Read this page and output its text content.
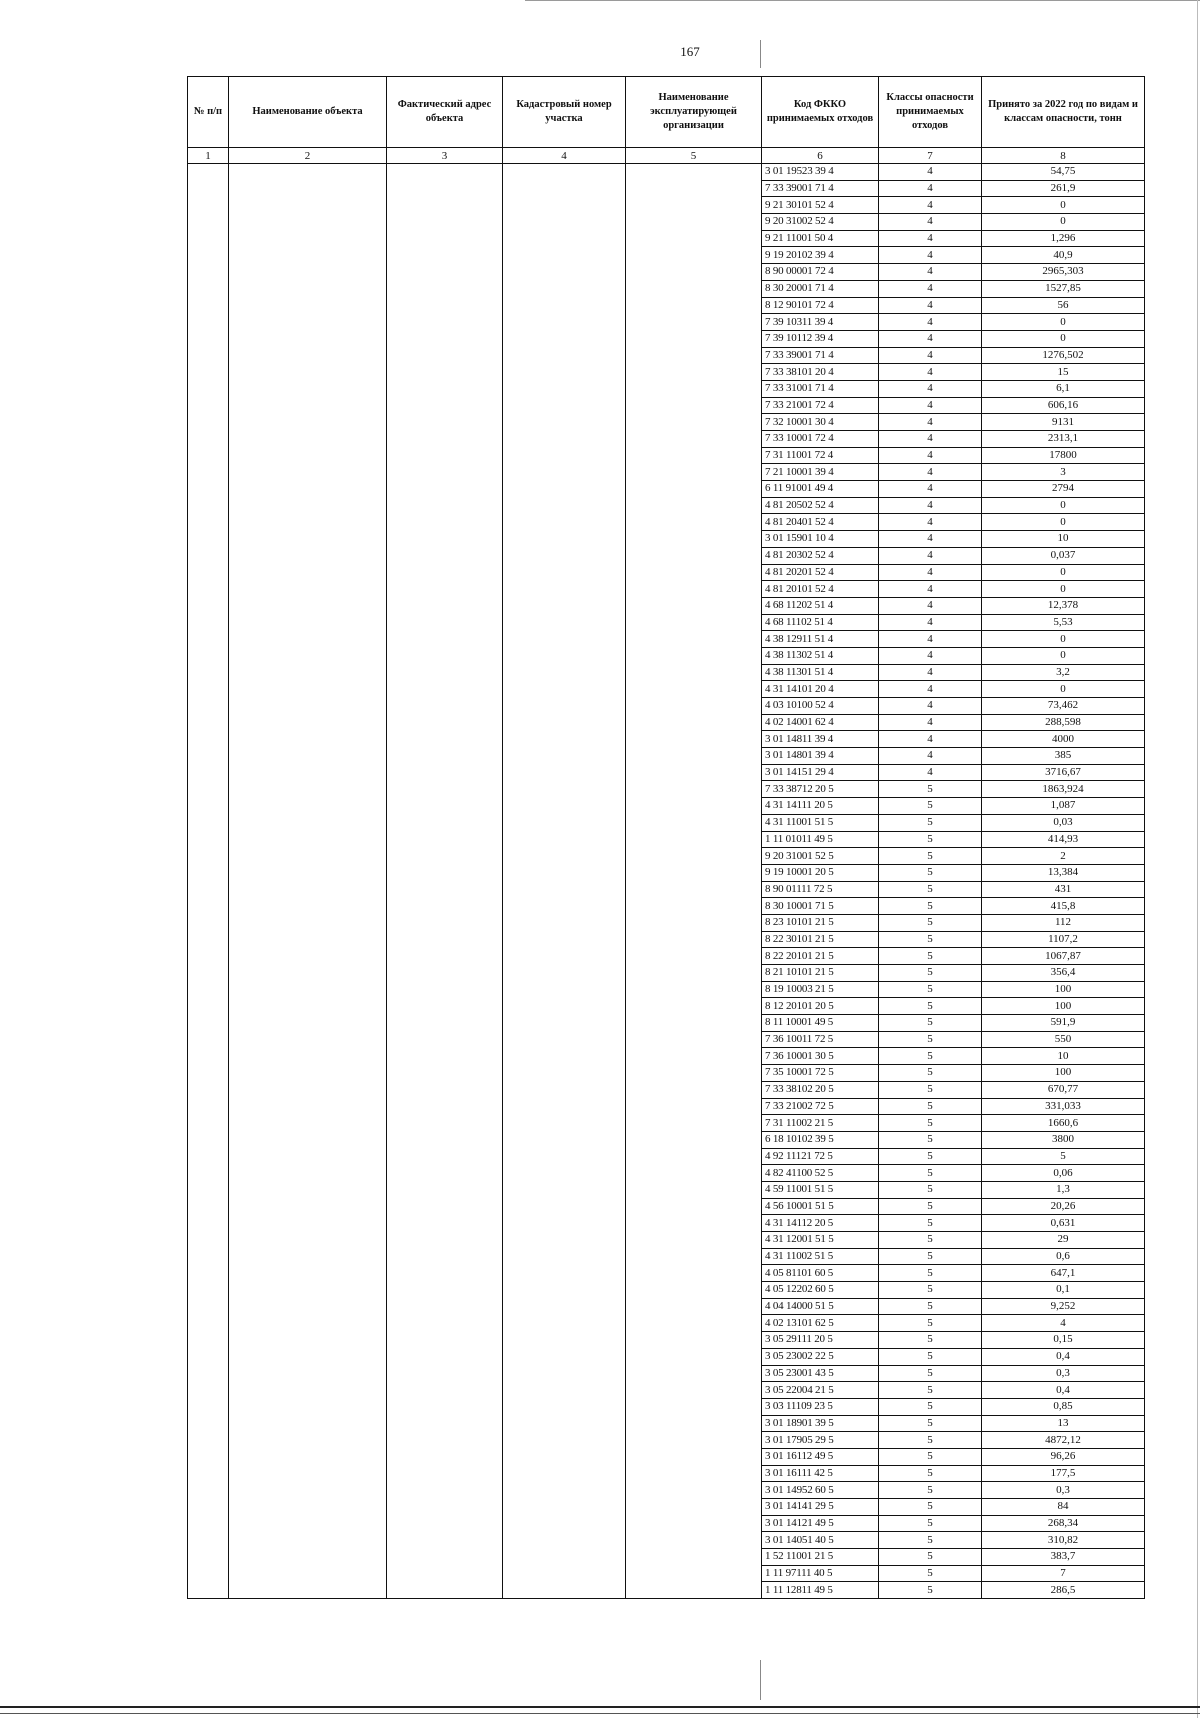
167
№ п/п	Наименование объекта	Фактический адрес объекта	Кадастровый номер участка	Наименование эксплуатирующей организации	Код ФККО принимаемых отходов	Классы опасности принимаемых отходов	Принято за 2022 год по видам и классам опасности, тонн
1	2	3	4	5	6	7	8
					3 01 19523 39 4	4	54,75
					7 33 39001 71 4	4	261,9
					9 21 30101 52 4	4	0
					9 20 31002 52 4	4	0
					9 21 11001 50 4	4	1,296
					9 19 20102 39 4	4	40,9
					8 90 00001 72 4	4	2965,303
					8 30 20001 71 4	4	1527,85
					8 12 90101 72 4	4	56
					7 39 10311 39 4	4	0
					7 39 10112 39 4	4	0
					7 33 39001 71 4	4	1276,502
					7 33 38101 20 4	4	15
					7 33 31001 71 4	4	6,1
					7 33 21001 72 4	4	606,16
					7 32 10001 30 4	4	9131
					7 33 10001 72 4	4	2313,1
					7 31 11001 72 4	4	17800
					7 21 10001 39 4	4	3
					6 11 91001 49 4	4	2794
					4 81 20502 52 4	4	0
					4 81 20401 52 4	4	0
					3 01 15901 10 4	4	10
					4 81 20302 52 4	4	0,037
					4 81 20201 52 4	4	0
					4 81 20101 52 4	4	0
					4 68 11202 51 4	4	12,378
					4 68 11102 51 4	4	5,53
					4 38 12911 51 4	4	0
					4 38 11302 51 4	4	0
					4 38 11301 51 4	4	3,2
					4 31 14101 20 4	4	0
					4 03 10100 52 4	4	73,462
					4 02 14001 62 4	4	288,598
					3 01 14811 39 4	4	4000
					3 01 14801 39 4	4	385
					3 01 14151 29 4	4	3716,67
					7 33 38712 20 5	5	1863,924
					4 31 14111 20 5	5	1,087
					4 31 11001 51 5	5	0,03
					1 11 01011 49 5	5	414,93
					9 20 31001 52 5	5	2
					9 19 10001 20 5	5	13,384
					8 90 01111 72 5	5	431
					8 30 10001 71 5	5	415,8
					8 23 10101 21 5	5	112
					8 22 30101 21 5	5	1107,2
					8 22 20101 21 5	5	1067,87
					8 21 10101 21 5	5	356,4
					8 19 10003 21 5	5	100
					8 12 20101 20 5	5	100
					8 11 10001 49 5	5	591,9
					7 36 10011 72 5	5	550
					7 36 10001 30 5	5	10
					7 35 10001 72 5	5	100
					7 33 38102 20 5	5	670,77
					7 33 21002 72 5	5	331,033
					7 31 11002 21 5	5	1660,6
					6 18 10102 39 5	5	3800
					4 92 11121 72 5	5	5
					4 82 41100 52 5	5	0,06
					4 59 11001 51 5	5	1,3
					4 56 10001 51 5	5	20,26
					4 31 14112 20 5	5	0,631
					4 31 12001 51 5	5	29
					4 31 11002 51 5	5	0,6
					4 05 81101 60 5	5	647,1
					4 05 12202 60 5	5	0,1
					4 04 14000 51 5	5	9,252
					4 02 13101 62 5	5	4
					3 05 29111 20 5	5	0,15
					3 05 23002 22 5	5	0,4
					3 05 23001 43 5	5	0,3
					3 05 22004 21 5	5	0,4
					3 03 11109 23 5	5	0,85
					3 01 18901 39 5	5	13
					3 01 17905 29 5	5	4872,12
					3 01 16112 49 5	5	96,26
					3 01 16111 42 5	5	177,5
					3 01 14952 60 5	5	0,3
					3 01 14141 29 5	5	84
					3 01 14121 49 5	5	268,34
					3 01 14051 40 5	5	310,82
					1 52 11001 21 5	5	383,7
					1 11 97111 40 5	5	7
					1 11 12811 49 5	5	286,5
